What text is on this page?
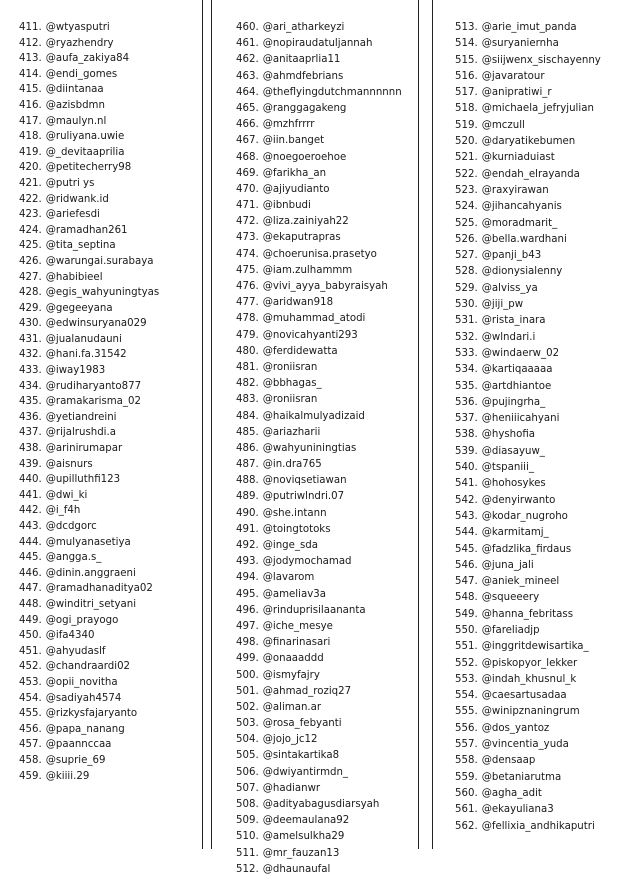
411. @wtyasputri
412. @ryazhendry
413. @aufa_zakiya84
414. @endi_gomes
415. @diintanaa
416. @azisbdmn
417. @maulyn.nl
418. @ruliyana.uwie
419. @_devitaaprilia
420. @petitecherry98
421. @putri ys
422. @ridwank.id
423. @ariefesdi
424. @ramadhan261
425. @tita_septina
426. @warungai.surabaya
427. @habibieel
428. @egis_wahyuningtyas
429. @gegeeyana
430. @edwinsuryana029
431. @jualanudauni
432. @hani.fa.31542
433. @iway1983
434. @rudiharyanto877
435. @ramakarisma_02
436. @yetiandreini
437. @rijalrushdi.a
438. @arinirumapar
439. @aisnurs
440. @upilluthfi123
441. @dwi_ki
442. @i_f4h
443. @dcdgorc
444. @mulyanasetiya
445. @angga.s_
446. @dinin.anggraeni
447. @ramadhanaditya02
448. @winditri_setyani
449. @ogi_prayogo
450. @ifa4340
451. @ahyudaslf
452. @chandraardi02
453. @opii_novitha
454. @sadiyah4574
455. @rizkysfajaryanto
456. @papa_nanang
457. @paannccaa
458. @suprie_69
459. @kiiii.29
460. @ari_atharkeyzi
461. @nopiraudatuljannah
462. @anitaaprlia11
463. @ahmdfebrians
464. @theflyingdutchmannnnnn
465. @ranggagakeng
466. @mzhfrrrr
467. @iin.banget
468. @noegoeroehoe
469. @farikha_an
470. @ajiyudianto
471. @ibnbudi
472. @liza.zainiyah22
473. @ekaputrapras
474. @choerunisa.prasetyo
475. @iam.zulhammm
476. @vivi_ayya_babyraisyah
477. @aridwan918
478. @muhammad_atodi
479. @novicahyanti293
480. @ferdidewatta
481. @roniisran
482. @bbhagas_
483. @roniisran
484. @haikalmulyadizaid
485. @ariazharii
486. @wahyuniningtias
487. @in.dra765
488. @noviqsetiawan
489. @putriwlndri.07
490. @she.intann
491. @toingtotoks
492. @inge_sda
493. @jodymochamad
494. @lavarom
495. @ameliav3a
496. @rinduprisilaananta
497. @iche_mesye
498. @finarinasari
499. @onaaaddd
500. @ismyfajry
501. @ahmad_roziq27
502. @aliman.ar
503. @rosa_febyanti
504. @jojo_jc12
505. @sintakartika8
506. @dwiyantirmdn_
507. @hadianwr
508. @adityabagusdiarsyah
509. @deemaulana92
510. @amelsulkha29
511. @mr_fauzan13
512. @dhaunaufal
513. @arie_imut_panda
514. @suryaniernha
515. @siijwenx_sischayenny
516. @javaratour
517. @anipratiwi_r
518. @michaela_jefryjulian
519. @mczull
520. @daryatikebumen
521. @kurniaduiast
522. @endah_elrayanda
523. @raxyirawan
524. @jihancahyanis
525. @moradmarit_
526. @bella.wardhani
527. @panji_b43
528. @dionysialenny
529. @alviss_ya
530. @jiji_pw
531. @rista_inara
532. @wlndari.i
533. @windaerw_02
534. @kartiqaaaaa
535. @artdhiantoe
536. @pujingrha_
537. @heniiicahyani
538. @hyshofia
539. @diasayuw_
540. @tspaniii_
541. @hohosykes
542. @denyirwanto
543. @kodar_nugroho
544. @karmitamj_
545. @fadzlika_firdaus
546. @juna_jali
547. @aniek_mineel
548. @squeeery
549. @hanna_febritass
550. @fareliadjp
551. @inggritdewisartika_
552. @piskopyor_lekker
553. @indah_khusnul_k
554. @caesartusadaa
555. @winipznaningrum
556. @dos_yantoz
557. @vincentia_yuda
558. @densaap
559. @betaniarutma
560. @agha_adit
561. @ekayuliana3
562. @fellixia_andhikaputri
